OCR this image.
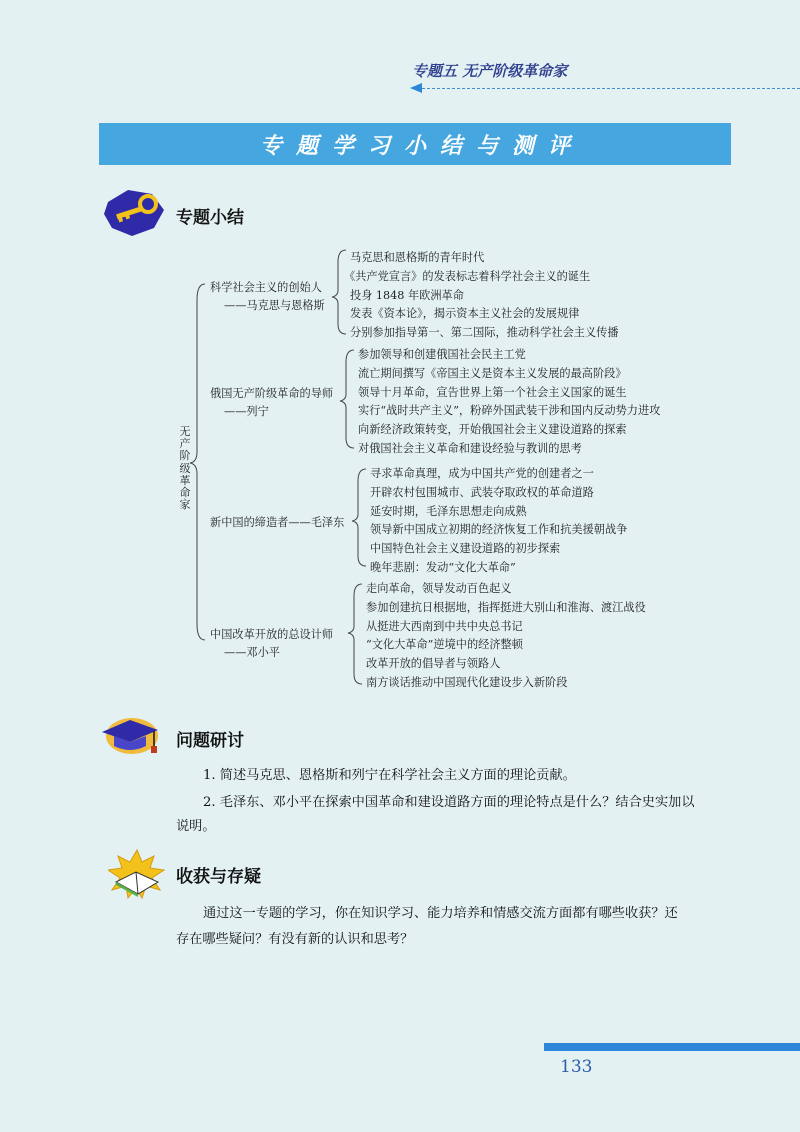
专题五 无产阶级革命家
专题学习小结与测评
专题小结
无
产
阶
级
革
命
家
科学社会主义的创始人
——马克思与恩格斯
马克思和恩格斯的青年时代
《共产党宣言》的发表标志着科学社会主义的诞生
投身 1848 年欧洲革命
发表《资本论》，揭示资本主义社会的发展规律
分别参加指导第一、第二国际，推动科学社会主义传播
俄国无产阶级革命的导师
——列宁
参加领导和创建俄国社会民主工党
流亡期间撰写《帝国主义是资本主义发展的最高阶段》
领导十月革命，宣告世界上第一个社会主义国家的诞生
实行“战时共产主义”，粉碎外国武装干涉和国内反动势力进攻
向新经济政策转变，开始俄国社会主义建设道路的探索
对俄国社会主义革命和建设经验与教训的思考
新中国的缔造者——毛泽东
寻求革命真理，成为中国共产党的创建者之一
开辟农村包围城市、武装夺取政权的革命道路
延安时期，毛泽东思想走向成熟
领导新中国成立初期的经济恢复工作和抗美援朝战争
中国特色社会主义建设道路的初步探索
晚年悲剧：发动“文化大革命”
中国改革开放的总设计师
——邓小平
走向革命，领导发动百色起义
参加创建抗日根据地，指挥挺进大别山和淮海、渡江战役
从挺进大西南到中共中央总书记
“文化大革命”逆境中的经济整顿
改革开放的倡导者与领路人
南方谈话推动中国现代化建设步入新阶段
问题研讨
1. 简述马克思、恩格斯和列宁在科学社会主义方面的理论贡献。
2. 毛泽东、邓小平在探索中国革命和建设道路方面的理论特点是什么？结合史实加以
说明。
收获与存疑
通过这一专题的学习，你在知识学习、能力培养和情感交流方面都有哪些收获？还
存在哪些疑问？有没有新的认识和思考？
133
